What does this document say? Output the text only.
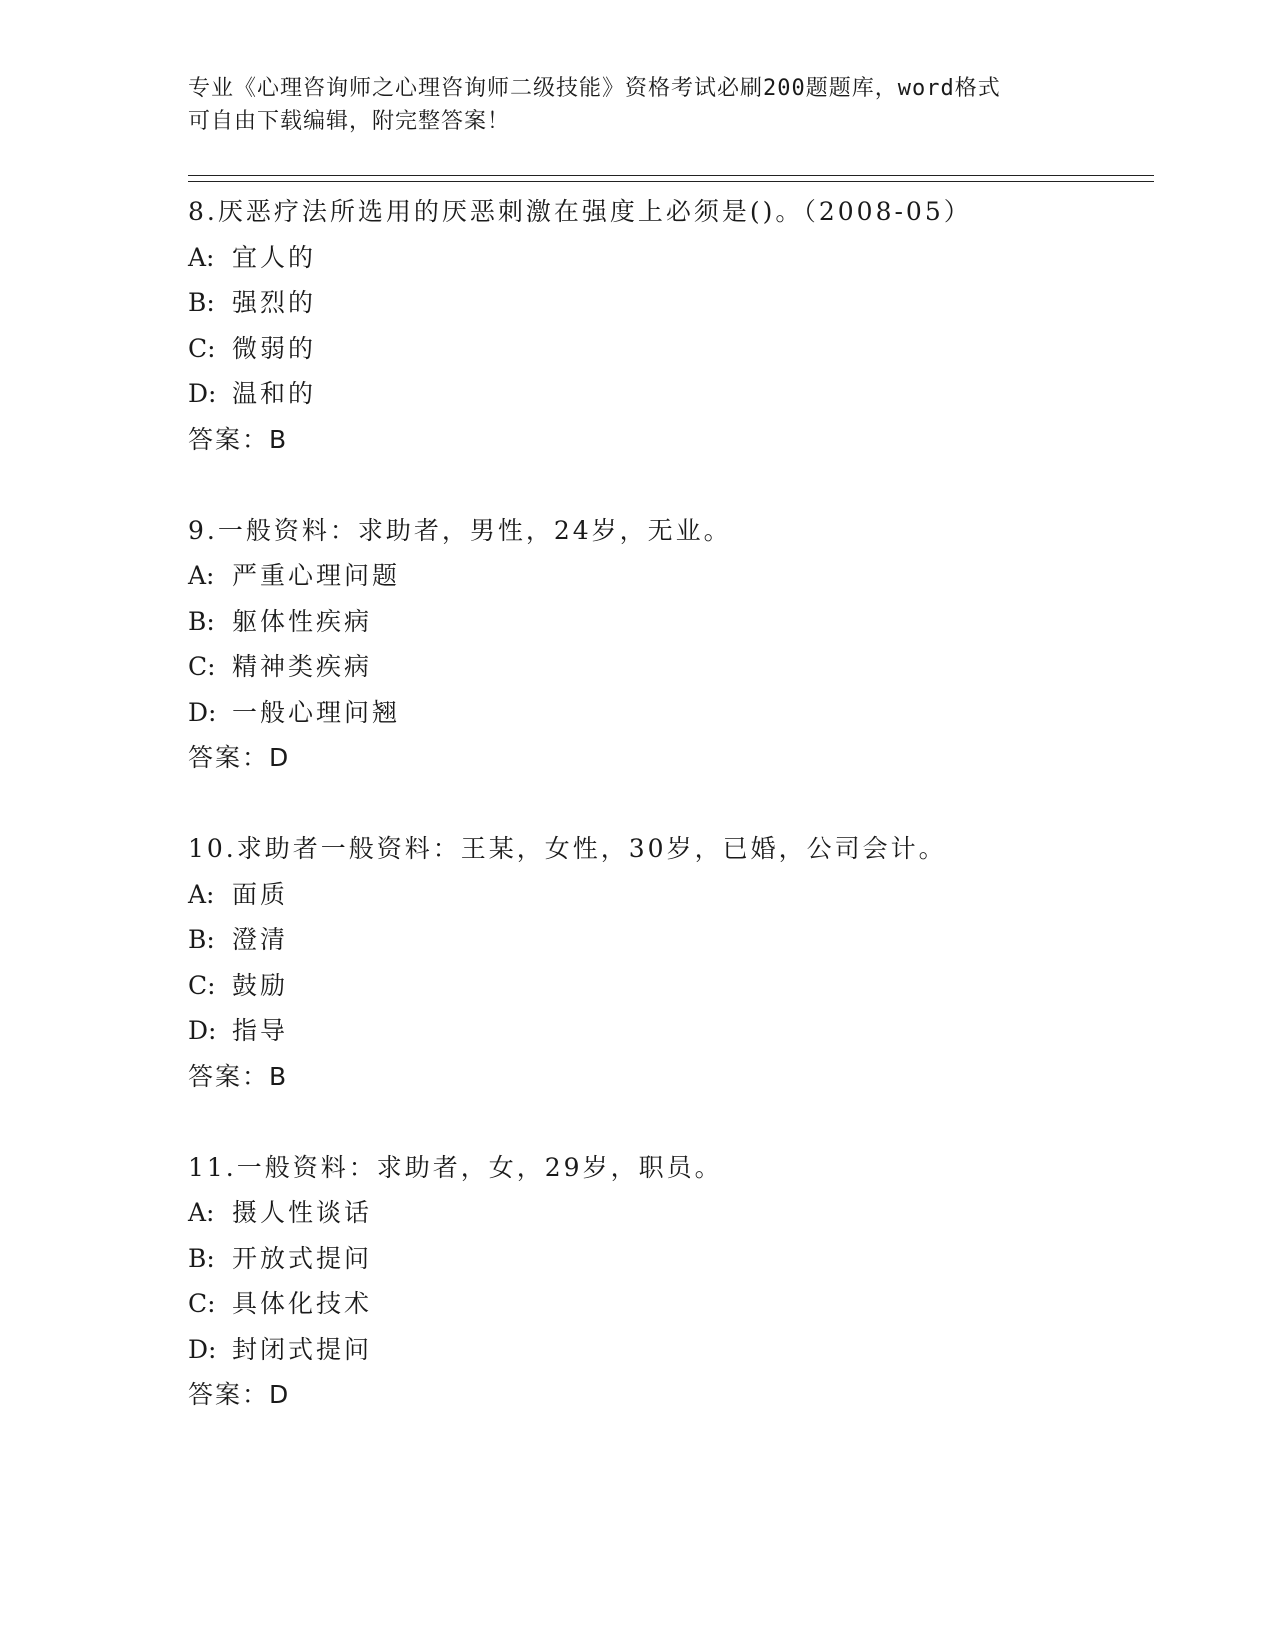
专业《心理咨询师之心理咨询师二级技能》资格考试必刷200题题库，word格式
可自由下载编辑，附完整答案！
8.厌恶疗法所选用的厌恶刺激在强度上必须是()。（2008-05）
A: 宜人的
B: 强烈的
C: 微弱的
D: 温和的
答案：B
9.一般资料：求助者，男性，24岁，无业。
A: 严重心理问题
B: 躯体性疾病
C: 精神类疾病
D: 一般心理问翘
答案：D
10.求助者一般资料：王某，女性，30岁，已婚，公司会计。
A: 面质
B: 澄清
C: 鼓励
D: 指导
答案：B
11.一般资料：求助者，女，29岁，职员。
A: 摄人性谈话
B: 开放式提问
C: 具体化技术
D: 封闭式提问
答案：D
